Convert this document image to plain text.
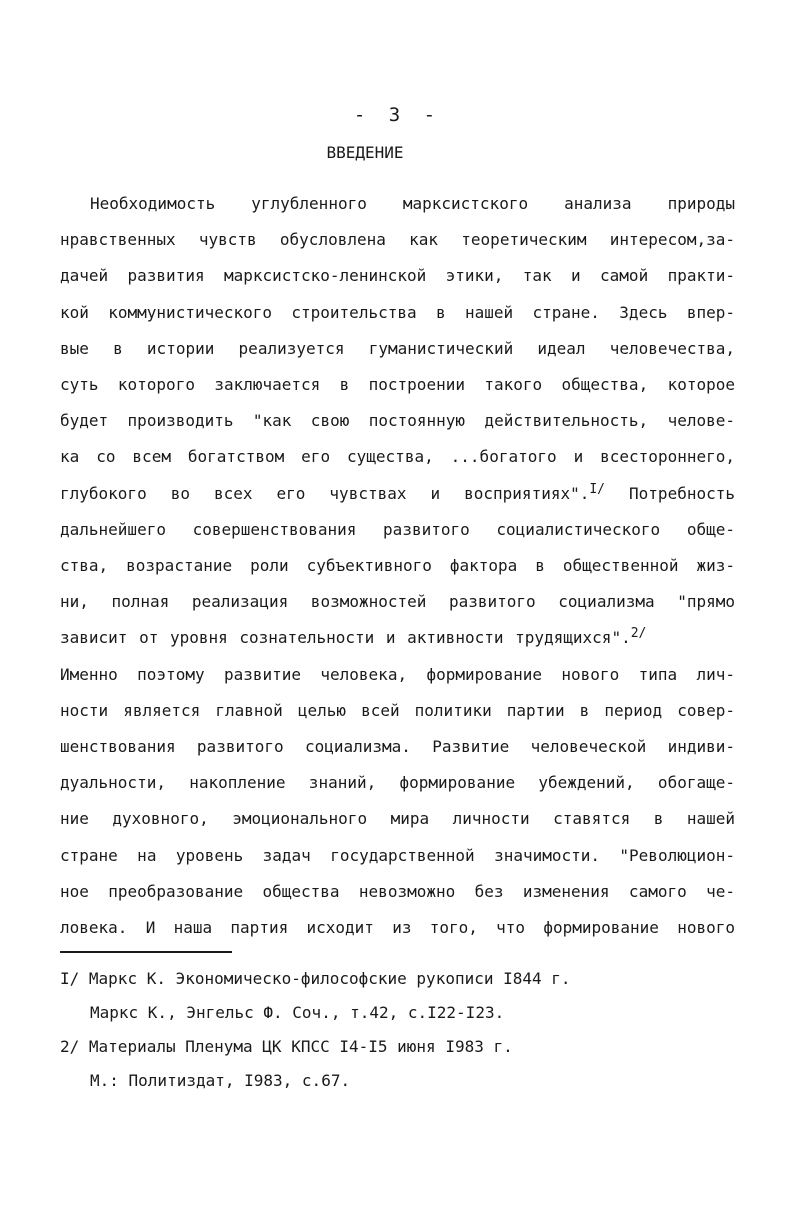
- 3 -
ВВЕДЕНИЕ
Необходимость углубленного марксистского анализа природы
нравственных чувств обусловлена как теоретическим интересом,за-
дачей развития марксистско-ленинской этики, так и самой практи-
кой коммунистического строительства в нашей стране. Здесь впер-
вые в истории реализуется гуманистический идеал человечества,
суть которого заключается в построении такого общества, которое
будет производить "как свою постоянную действительность, челове-
ка со всем богатством его существа, ...богатого и всестороннего,
глубокого во всех его чувствах и восприятиях".$^{I/}$ Потребность
дальнейшего совершенствования развитого социалистического обще-
ства, возрастание роли субъективного фактора в общественной жиз-
ни, полная реализация возможностей развитого социализма "прямо
зависит от уровня сознательности и активности трудящихся".$^{2/}$
Именно поэтому развитие человека, формирование нового типа лич-
ности является главной целью всей политики партии в период совер-
шенствования развитого социализма. Развитие человеческой индиви-
дуальности, накопление знаний, формирование убеждений, обогаще-
ние духовного, эмоционального мира личности ставятся в нашей
стране на уровень задач государственной значимости. "Революцион-
ное преобразование общества невозможно без изменения самого че-
ловека. И наша партия исходит из того, что формирование нового
I/ Маркс К. Экономическо-философские рукописи I844 г.
Маркс К., Энгельс Ф. Соч., т.42, с.I22-I23.
2/ Материалы Пленума ЦК КПСС I4-I5 июня I983 г.
М.: Политиздат, I983, с.67.
